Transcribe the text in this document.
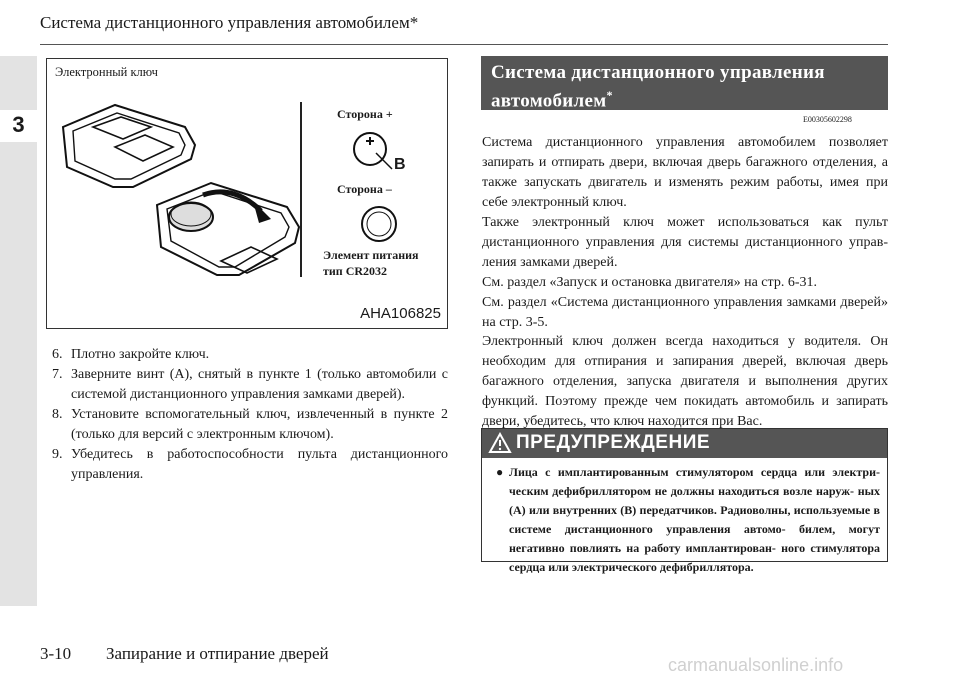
3
Система дистанционного управления автомобилем*
Электронный ключ
Сторона +
B
Сторона –
Элемент питания
тип CR2032
AHA106825
6. Плотно закройте ключ.
7. Заверните винт (A), снятый в пункте 1 (только автомобили с системой дистанционного управления замками дверей).
8. Установите вспомогательный ключ, извлеченный в пункте 2 (только для версий с электронным ключом).
9. Убедитесь в работоспособности пульта дистанционного управления.
Система дистанционного управления автомобилем*
E00305602298
Система дистанционного управления автомобилем позволяет запирать и отпирать двери, включая дверь багажного отделения, а также запускать двигатель и изменять режим работы, имея при себе электронный ключ.
Также электронный ключ может использоваться как пульт дистанционного управления для системы дистанционного управ- ления замками дверей.
См. раздел «Запуск и остановка двигателя» на стр. 6-31.
См. раздел «Система дистанционного управления замками дверей» на стр. 3-5.
Электронный ключ должен всегда находиться у водителя. Он необходим для отпирания и запирания дверей, включая дверь багажного отделения, запуска двигателя и выполнения других функций. Поэтому прежде чем покидать автомобиль и запирать двери, убедитесь, что ключ находится при Вас.
ПРЕДУПРЕЖДЕНИЕ
● Лица с имплантированным стимулятором сердца или электри- ческим дефибриллятором не должны находиться возле наруж- ных (A) или внутренних (B) передатчиков. Радиоволны, используемые в системе дистанционного управления автомо- билем, могут негативно повлиять на работу имплантирован- ного стимулятора сердца или электрического дефибриллятора.
3-10 Запирание и отпирание дверей
carmanualsonline.info
